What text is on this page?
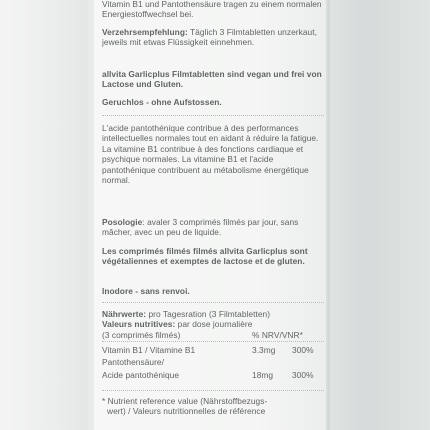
Vitamin B1 und Pantothensäure tragen zu einem normalen Energiestoffwechsel bei.

Verzehrsempfehlung: Täglich 3 Filmtabletten unzerkaut, jeweils mit etwas Flüssigkeit einnehmen.

allvita Garlicplus Filmtabletten sind vegan und frei von Lactose und Gluten.

Geruchlos - ohne Aufstossen.

L'acide pantothénique contribue à des performances intellectuelles normales tout en aidant à réduire la fatigue. La vitamine B1 contribue à des fonctions cardiaque et psychique normales. La vitamine B1 et l'acide pantothénique contribuent au métabolisme énergétique normal.

Posologie: avaler 3 comprimés filmés par jour, sans mâcher, avec un peu de liquide.

Les comprimés filmés filmés allvita Garlicplus sont végétaliennes et exemptes de lactose et de gluten.

Inodore - sans renvoi.

Nährwerte: pro Tagesration (3 Filmtabletten)
Valeurs nutritives: par dose journalière
(3 comprimés filmés)	% NRV/VNR*
Vitamin B1 / Vitamine B1	3.3mg 300%
Pantothensäure/
Acide pantothénique	18mg 300%
* Nutrient reference value (Nährstoffbezugs-
wert) / Valeurs nutritionnelles de référence
